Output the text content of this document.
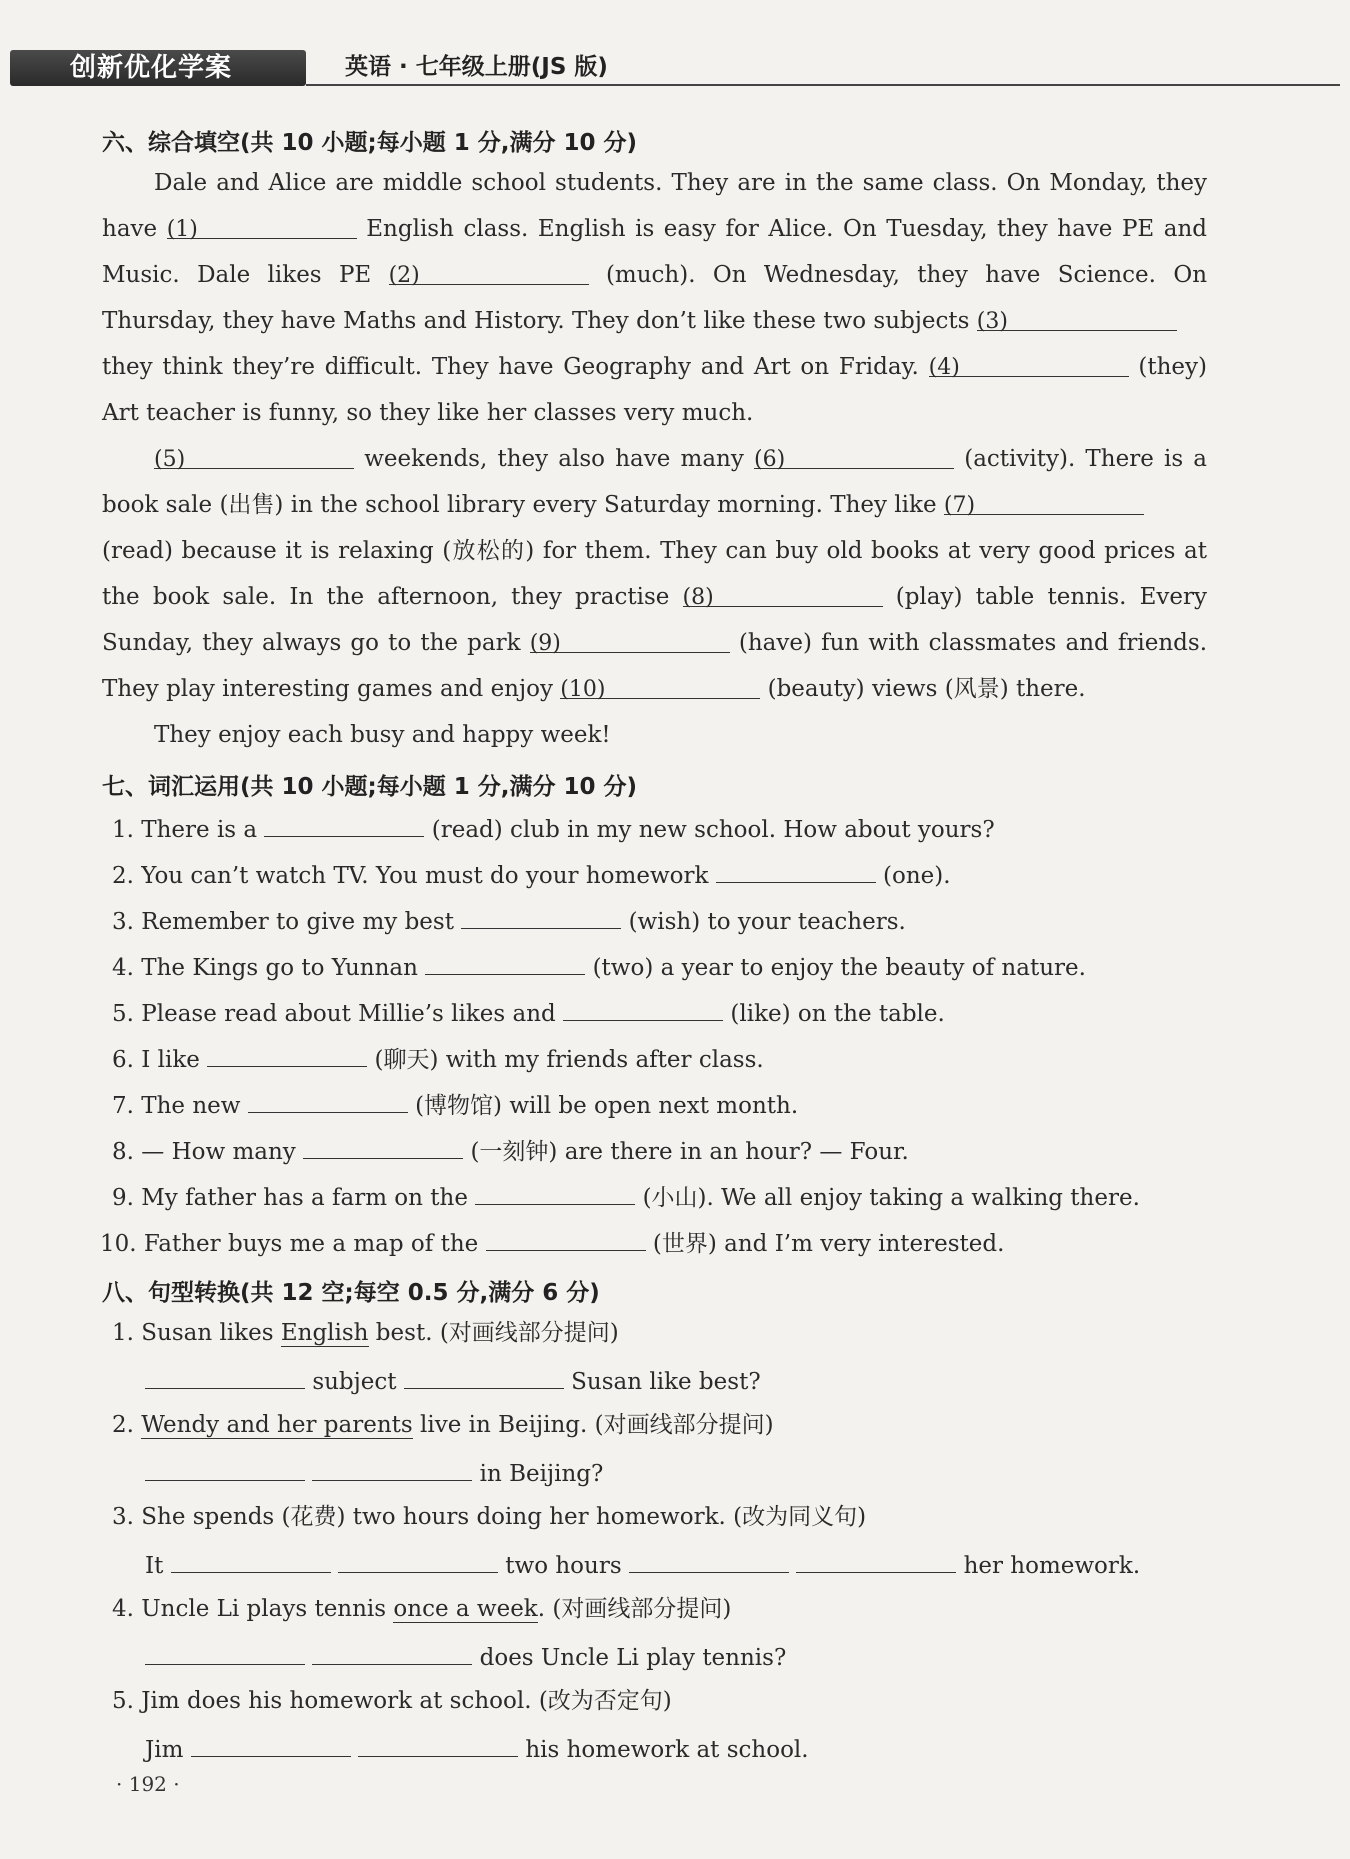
创新优化学案	英语 · 七年级上册(JS 版)
六、综合填空(共 10 小题;每小题 1 分,满分 10 分)
Dale and Alice are middle school students. They are in the same class. On Monday, they
have (1)	English class. English is easy for Alice. On Tuesday, they have PE and
Music. Dale likes PE (2)	(much). On Wednesday, they have Science. On
Thursday, they have Maths and History. They don’t like these two subjects (3)
they think they’re difficult. They have Geography and Art on Friday. (4)	(they)
Art teacher is funny, so they like her classes very much.
(5)	weekends, they also have many (6)	(activity). There is a
book sale (出售) in the school library every Saturday morning. They like (7)
(read) because it is relaxing (放松的) for them. They can buy old books at very good prices at
the book sale. In the afternoon, they practise (8)	(play) table tennis. Every
Sunday, they always go to the park (9)	(have) fun with classmates and friends.
They play interesting games and enjoy (10)	(beauty) views (风景) there.
They enjoy each busy and happy week!
七、词汇运用(共 10 小题;每小题 1 分,满分 10 分)
1. There is a	(read) club in my new school. How about yours?
2. You can’t watch TV. You must do your homework	(one).
3. Remember to give my best	(wish) to your teachers.
4. The Kings go to Yunnan	(two) a year to enjoy the beauty of nature.
5. Please read about Millie’s likes and	(like) on the table.
6. I like	(聊天) with my friends after class.
7. The new	(博物馆) will be open next month.
8. — How many	(一刻钟) are there in an hour? — Four.
9. My father has a farm on the	(小山). We all enjoy taking a walking there.
10. Father buys me a map of the	(世界) and I’m very interested.
八、句型转换(共 12 空;每空 0.5 分,满分 6 分)
1. Susan likes English best. (对画线部分提问)
subject	Susan like best?
2. Wendy and her parents live in Beijing. (对画线部分提问)
in Beijing?
3. She spends (花费) two hours doing her homework. (改为同义句)
It	two hours	her homework.
4. Uncle Li plays tennis once a week. (对画线部分提问)
does Uncle Li play tennis?
5. Jim does his homework at school. (改为否定句)
Jim	his homework at school.
· 192 ·
